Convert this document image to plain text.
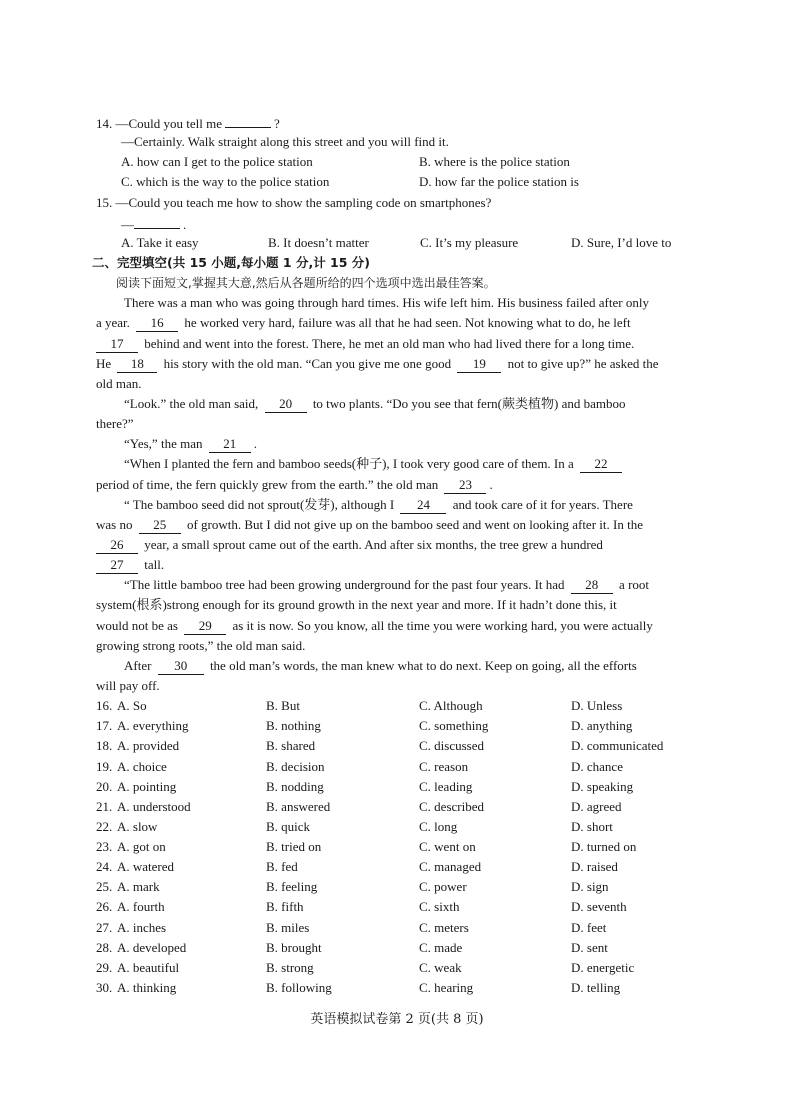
14. —Could you tell me	?
—Certainly. Walk straight along this street and you will find it.
A. how can I get to the police station	B. where is the police station
C. which is the way to the police station	D. how far the police station is
15. —Could you teach me how to show the sampling code on smartphones?
—	.
A. Take it easy	B. It doesn’t matter	C. It’s my pleasure	D. Sure, I’d love to
二、完型填空(共 15 小题,每小题 1 分,计 15 分)
阅读下面短文,掌握其大意,然后从各题所给的四个选项中选出最佳答案。
There was a man who was going through hard times. His wife left him. His business failed after only
a year. 16 he worked very hard, failure was all that he had seen. Not knowing what to do, he left
17 behind and went into the forest. There, he met an old man who had lived there for a long time.
He 18 his story with the old man. “Can you give me one good 19 not to give up?” he asked the
old man.
“Look.” the old man said, 20 to two plants. “Do you see that fern(蕨类植物) and bamboo
there?”
“Yes,” the man 21 .
“When I planted the fern and bamboo seeds(种子), I took very good care of them. In a 22
period of time, the fern quickly grew from the earth.” the old man 23 .
“ The bamboo seed did not sprout(发芽), although I 24 and took care of it for years. There
was no 25 of growth. But I did not give up on the bamboo seed and went on looking after it. In the
26 year, a small sprout came out of the earth. And after six months, the tree grew a hundred
27 tall.
“The little bamboo tree had been growing underground for the past four years. It had 28 a root
system(根系)strong enough for its ground growth in the next year and more. If it hadn’t done this, it
would not be as 29 as it is now. So you know, all the time you were working hard, you were actually
growing strong roots,” the old man said.
After 30 the old man’s words, the man knew what to do next. Keep on going, all the efforts
will pay off.
16. A. So	B. But	C. Although	D. Unless
17. A. everything	B. nothing	C. something	D. anything
18. A. provided	B. shared	C. discussed	D. communicated
19. A. choice	B. decision	C. reason	D. chance
20. A. pointing	B. nodding	C. leading	D. speaking
21. A. understood	B. answered	C. described	D. agreed
22. A. slow	B. quick	C. long	D. short
23. A. got on	B. tried on	C. went on	D. turned on
24. A. watered	B. fed	C. managed	D. raised
25. A. mark	B. feeling	C. power	D. sign
26. A. fourth	B. fifth	C. sixth	D. seventh
27. A. inches	B. miles	C. meters	D. feet
28. A. developed	B. brought	C. made	D. sent
29. A. beautiful	B. strong	C. weak	D. energetic
30. A. thinking	B. following	C. hearing	D. telling
英语模拟试卷第 2 页(共 8 页)
